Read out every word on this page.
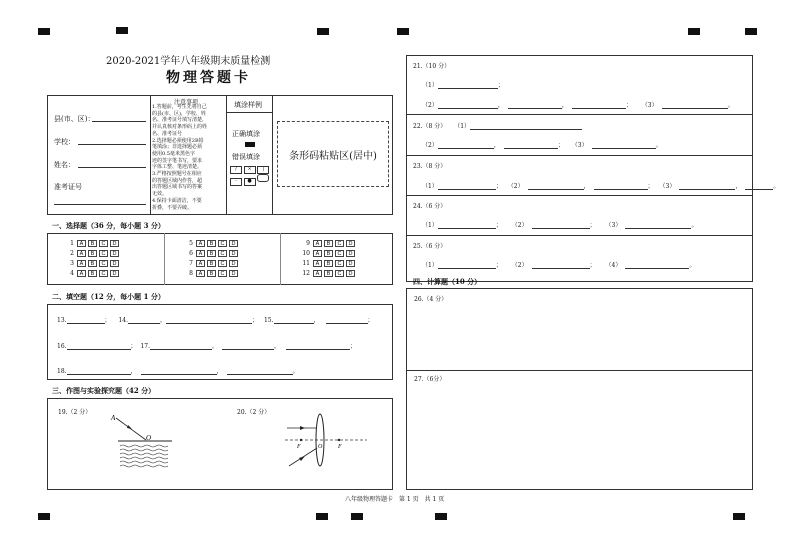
2020-2021学年八年级期末质量检测
物理答题卡
县(市、区)：
学校：
姓名：
准考证号
注意事项
1.答题前，考生先将自己
的县(市、区)，学校、姓
名、准考证号填写清楚，
并认真核对条形码上的姓
名、准考证号
2.选择题必须使用2B铅
笔填涂；非选择题必须
使用0.5毫米黑色字
迹的签字笔书写，要求
字体工整、笔迹清楚。
3.严格按照题号在相应
的答题区域内作答，超
出答题区域书写的答案
无效。
4.保持卡面清洁，不要
折叠，不要弄破。
填涂样例
正确填涂
错误填涂
∕ × |
- ●
条形码粘贴区(居中)
一、选择题（36 分，每小题 3 分）
1 A B C D
2 A B C D
3 A B C D
4 A B C D
5 A B C D
6 A B C D
7 A B C D
8 A B C D
9 A B C D
10 A B C D
11 A B C D
12 A B C D
二、填空题（12 分，每小题 1 分）
13.	； 14.	，	； 15.	，	；
16.	； 17.	，	，	；
18.	，	，	。
三、作图与实验探究题（42 分）
19.（2 分）	20.（2 分）
A
O
F	F
O
21.（10 分）
（1）	；
（2）	，	，	； （3）	。
22.（8 分） （1）
（2）	，	； （3）	。
23.（8 分）
（1）	； （2）	，	； （3）	，	。
24.（6 分）
（1）	； （2）	； （3）	。
25.（6 分）
（1）	； （2）	； （4）	。
四、计算题（10 分）
26.（4 分）
27.（6分）
八年级物理答题卡　第 1 页　共 1 页
